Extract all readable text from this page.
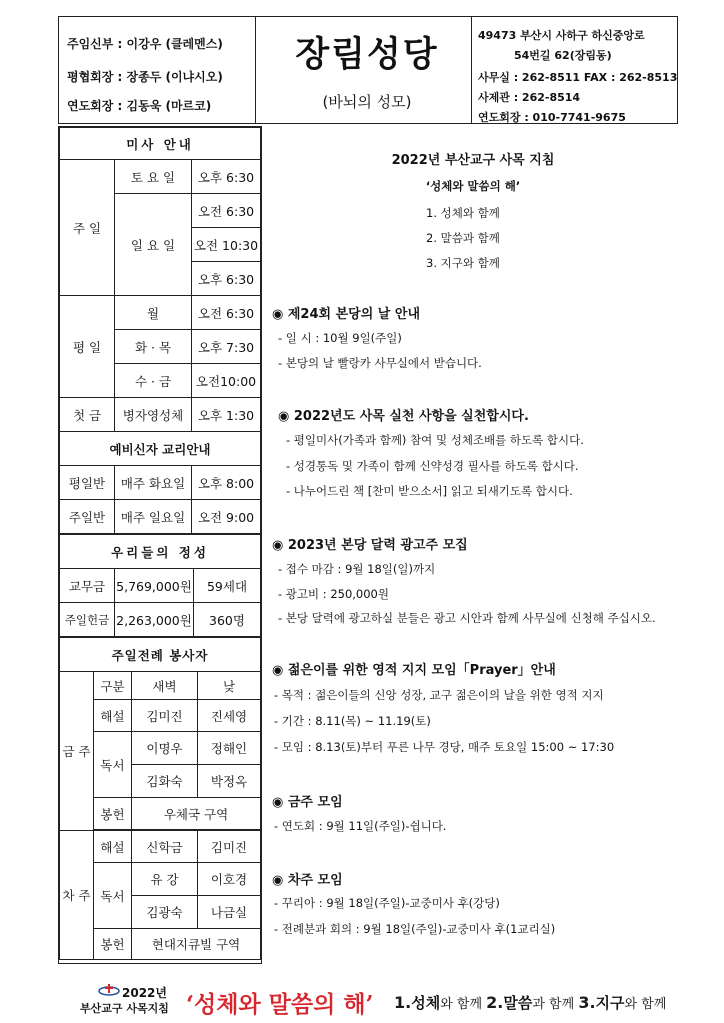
주임신부 : 이강우 (클레멘스)
평협회장 : 장종두 (이냐시오)
연도회장 : 김동욱 (마르코)
장림성당
(바뇌의 성모)
49473 부산시 사하구 하신중앙로
54번길 62(장림동)
사무실 : 262-8511 FAX : 262-8513
사제관 : 262-8514
연도회장 : 010-7741-9675
미사 안내		
주 일	토 요 일	오후 6:30
	일 요 일	오전 6:30
		오전 10:30
		오후 6:30
평 일	월	오전 6:30
	화 · 목	오후 7:30
	수 · 금	오전10:00
첫 금	병자영성체	오후 1:30
예비신자 교리안내		
평일반	매주 화요일	오후 8:00
주일반	매주 일요일	오전 9:00
우리들의 정성		
교무금	5,769,000원	59세대
주일헌금	2,263,000원	360명
주일전례 봉사자			
금 주	구분	새벽	낮
	해설	김미진	진세영
	독서	이명우	정해인
		김화숙	박정옥
	봉헌	우체국 구역	

차 주	해설	신학금	김미진
	독서	유 강	이호경
		김광숙	나금실
	봉헌	현대지큐빌 구역	
2022년 부산교구 사목 지침
‘성체와 말씀의 해’
1. 성체와 함께
2. 말씀과 함께
3. 지구와 함께
◉ 제24회 본당의 날 안내
- 일 시 : 10월 9일(주일)
- 본당의 날 빨랑카 사무실에서 받습니다.
◉ 2022년도 사목 실천 사항을 실천합시다.
- 평일미사(가족과 함께) 참여 및 성체조배를 하도록 합시다.
- 성경통독 및 가족이 함께 신약성경 필사를 하도록 합시다.
- 나누어드린 책 [찬미 받으소서] 읽고 되새기도록 합시다.
◉ 2023년 본당 달력 광고주 모집
- 접수 마감 : 9월 18일(일)까지
- 광고비 : 250,000원
- 본당 달력에 광고하실 분들은 광고 시안과 함께 사무실에 신청해 주십시오.
◉ 젊은이를 위한 영적 지지 모임「Prayer」안내
- 목적 : 젊은이들의 신앙 성장, 교구 젊은이의 날을 위한 영적 지지
- 기간 : 8.11(목) ~ 11.19(토)
- 모임 : 8.13(토)부터 푸른 나무 경당, 매주 토요일 15:00 ~ 17:30
◉ 금주 모임
- 연도회 : 9월 11일(주일)-쉽니다.
◉ 차주 모임
- 꾸리아 : 9월 18일(주일)-교중미사 후(강당)
- 전례분과 회의 : 9월 18일(주일)-교중미사 후(1교리실)
2022년
부산교구 사목지침 ‘성체와 말씀의 해’ 1.성체와 함께 2.말씀과 함께 3.지구와 함께
